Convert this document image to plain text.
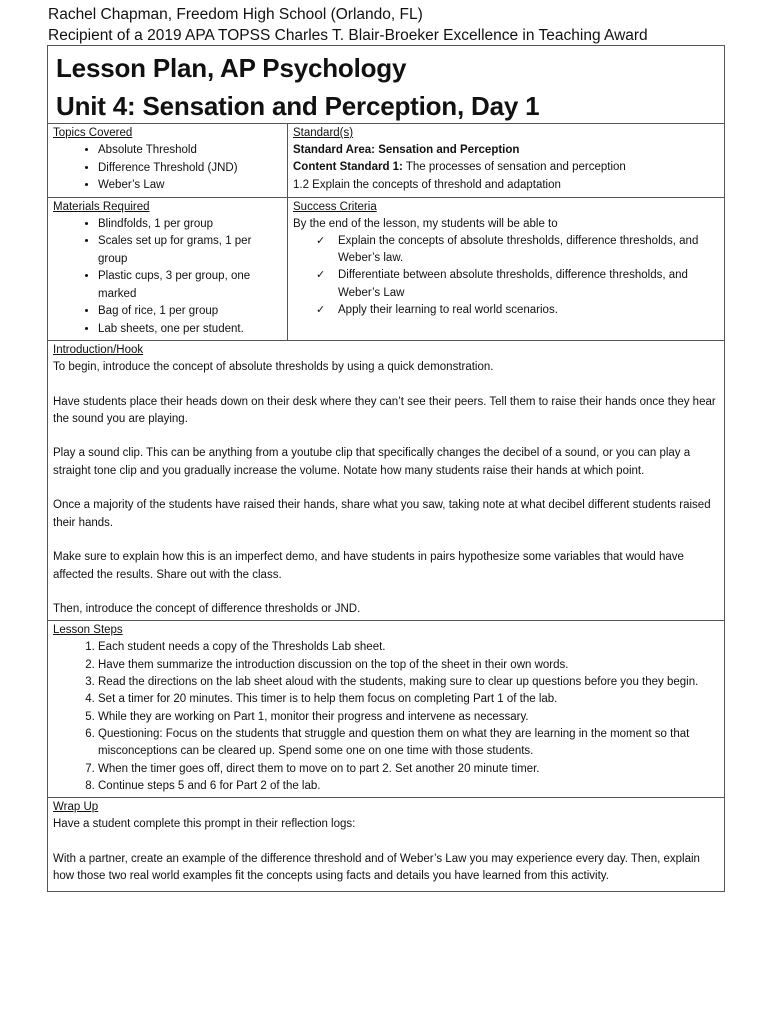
Rachel Chapman, Freedom High School (Orlando, FL)
Recipient of a 2019 APA TOPSS Charles T. Blair-Broeker Excellence in Teaching Award
Lesson Plan, AP Psychology
Unit 4: Sensation and Perception, Day 1
Topics Covered
• Absolute Threshold
• Difference Threshold (JND)
• Weber’s Law
Standard(s)
Standard Area: Sensation and Perception
Content Standard 1: The processes of sensation and perception
1.2 Explain the concepts of threshold and adaptation
Materials Required
• Blindfolds, 1 per group
• Scales set up for grams, 1 per group
• Plastic cups, 3 per group, one marked
• Bag of rice, 1 per group
• Lab sheets, one per student.
Success Criteria
By the end of the lesson, my students will be able to
✓ Explain the concepts of absolute thresholds, difference thresholds, and Weber’s law.
✓ Differentiate between absolute thresholds, difference thresholds, and Weber’s Law
✓ Apply their learning to real world scenarios.
Introduction/Hook

To begin, introduce the concept of absolute thresholds by using a quick demonstration.

Have students place their heads down on their desk where they can’t see their peers. Tell them to raise their hands once they hear the sound you are playing.

Play a sound clip. This can be anything from a youtube clip that specifically changes the decibel of a sound, or you can play a straight tone clip and you gradually increase the volume. Notate how many students raise their hands at which point.

Once a majority of the students have raised their hands, share what you saw, taking note at what decibel different students raised their hands.

Make sure to explain how this is an imperfect demo, and have students in pairs hypothesize some variables that would have affected the results. Share out with the class.

Then, introduce the concept of difference thresholds or JND.

Lesson Steps
1. Each student needs a copy of the Thresholds Lab sheet.
2. Have them summarize the introduction discussion on the top of the sheet in their own words.
3. Read the directions on the lab sheet aloud with the students, making sure to clear up questions before you they begin.
4. Set a timer for 20 minutes. This timer is to help them focus on completing Part 1 of the lab.
5. While they are working on Part 1, monitor their progress and intervene as necessary.
6. Questioning: Focus on the students that struggle and question them on what they are learning in the moment so that misconceptions can be cleared up. Spend some one on one time with those students.
7. When the timer goes off, direct them to move on to part 2. Set another 20 minute timer.
8. Continue steps 5 and 6 for Part 2 of the lab.
Wrap Up

Have a student complete this prompt in their reflection logs:

With a partner, create an example of the difference threshold and of Weber’s Law you may experience every day. Then, explain how those two real world examples fit the concepts using facts and details you have learned from this activity.
